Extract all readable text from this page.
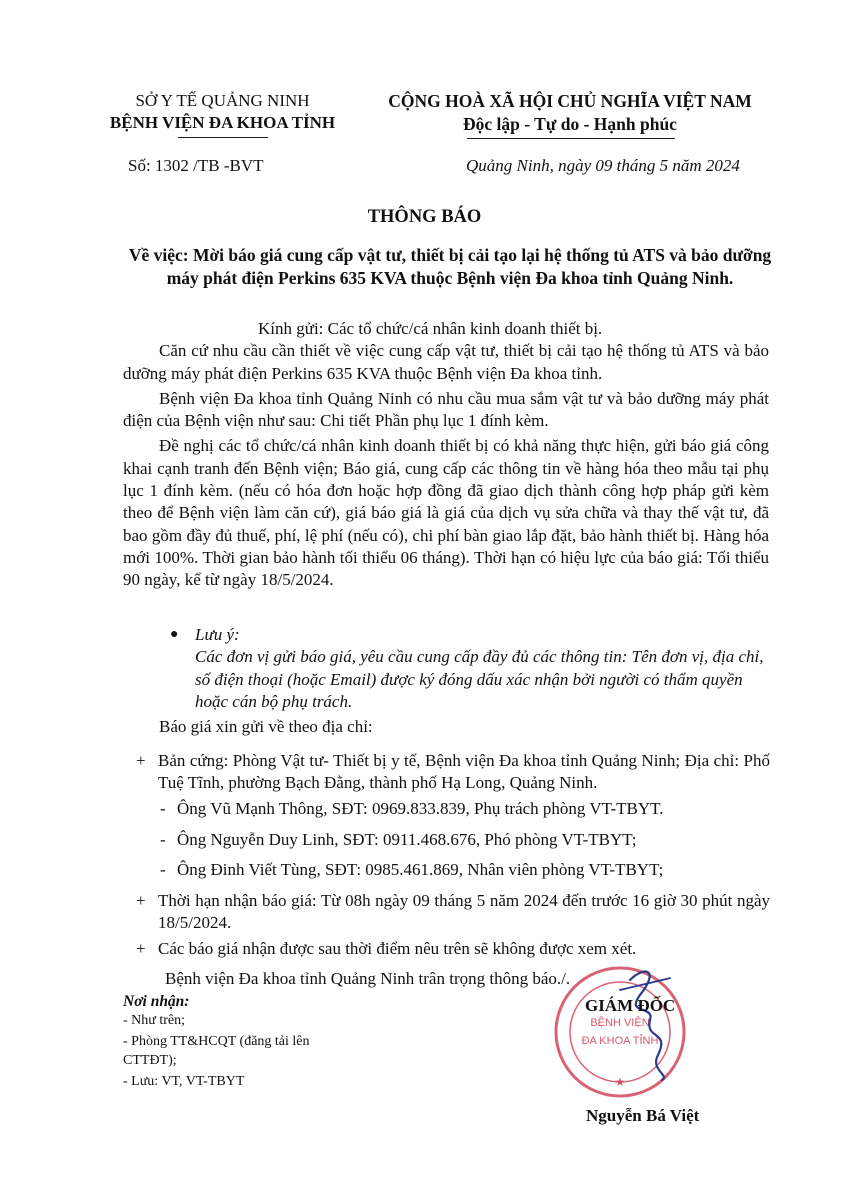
SỞ Y TẾ QUẢNG NINH
BỆNH VIỆN ĐA KHOA TỈNH
CỘNG HOÀ XÃ HỘI CHỦ NGHĨA VIỆT NAM
Độc lập - Tự do - Hạnh phúc
Số: 1302 /TB -BVT	Quảng Ninh, ngày 09 tháng 5 năm 2024
THÔNG BÁO
Về việc: Mời báo giá cung cấp vật tư, thiết bị cải tạo lại hệ thống tủ ATS và bảo dưỡng máy phát điện Perkins 635 KVA thuộc Bệnh viện Đa khoa tỉnh Quảng Ninh.

Kính gửi: Các tổ chức/cá nhân kinh doanh thiết bị.

Căn cứ nhu cầu cần thiết về việc cung cấp vật tư, thiết bị cải tạo hệ thống tủ ATS và bảo dưỡng máy phát điện Perkins 635 KVA thuộc Bệnh viện Đa khoa tỉnh.

Bệnh viện Đa khoa tỉnh Quảng Ninh có nhu cầu mua sắm vật tư và bảo dưỡng máy phát điện của Bệnh viện như sau: Chi tiết Phần phụ lục 1 đính kèm.

Đề nghị các tổ chức/cá nhân kinh doanh thiết bị có khả năng thực hiện, gửi báo giá công khai cạnh tranh đến Bệnh viện; Báo giá, cung cấp các thông tin về hàng hóa theo mẫu tại phụ lục 1 đính kèm. (nếu có hóa đơn hoặc hợp đồng đã giao dịch thành công hợp pháp gửi kèm theo để Bệnh viện làm căn cứ), giá báo giá là giá của dịch vụ sửa chữa và thay thế vật tư, đã bao gồm đầy đủ thuế, phí, lệ phí (nếu có), chi phí bàn giao lắp đặt, bảo hành thiết bị. Hàng hóa mới 100%. Thời gian bảo hành tối thiểu 06 tháng). Thời hạn có hiệu lực của báo giá: Tối thiểu 90 ngày, kể từ ngày 18/5/2024.

● Lưu ý:
Các đơn vị gửi báo giá, yêu cầu cung cấp đầy đủ các thông tin: Tên đơn vị, địa chỉ, số điện thoại (hoặc Email) được ký đóng dấu xác nhận bởi người có thẩm quyền hoặc cán bộ phụ trách.
Báo giá xin gửi về theo địa chỉ:
+ Bản cứng: Phòng Vật tư- Thiết bị y tế, Bệnh viện Đa khoa tỉnh Quảng Ninh; Địa chỉ: Phố Tuệ Tĩnh, phường Bạch Đằng, thành phố Hạ Long, Quảng Ninh.
- Ông Vũ Mạnh Thông, SĐT: 0969.833.839, Phụ trách phòng VT-TBYT.
- Ông Nguyễn Duy Linh, SĐT: 0911.468.676, Phó phòng VT-TBYT;
- Ông Đinh Viết Tùng, SĐT: 0985.461.869, Nhân viên phòng VT-TBYT;
+ Thời hạn nhận báo giá: Từ 08h ngày 09 tháng 5 năm 2024 đến trước 16 giờ 30 phút ngày 18/5/2024.
+ Các báo giá nhận được sau thời điểm nêu trên sẽ không được xem xét.
Bệnh viện Đa khoa tỉnh Quảng Ninh trân trọng thông báo./.
Nơi nhận:
- Như trên;
- Phòng TT&HCQT (đăng tải lên CTTĐT);
- Lưu: VT, VT-TBYT
BỆNH VIỆN
ĐA KHOA TỈNH
★
GIÁM ĐỐC
Nguyễn Bá Việt
